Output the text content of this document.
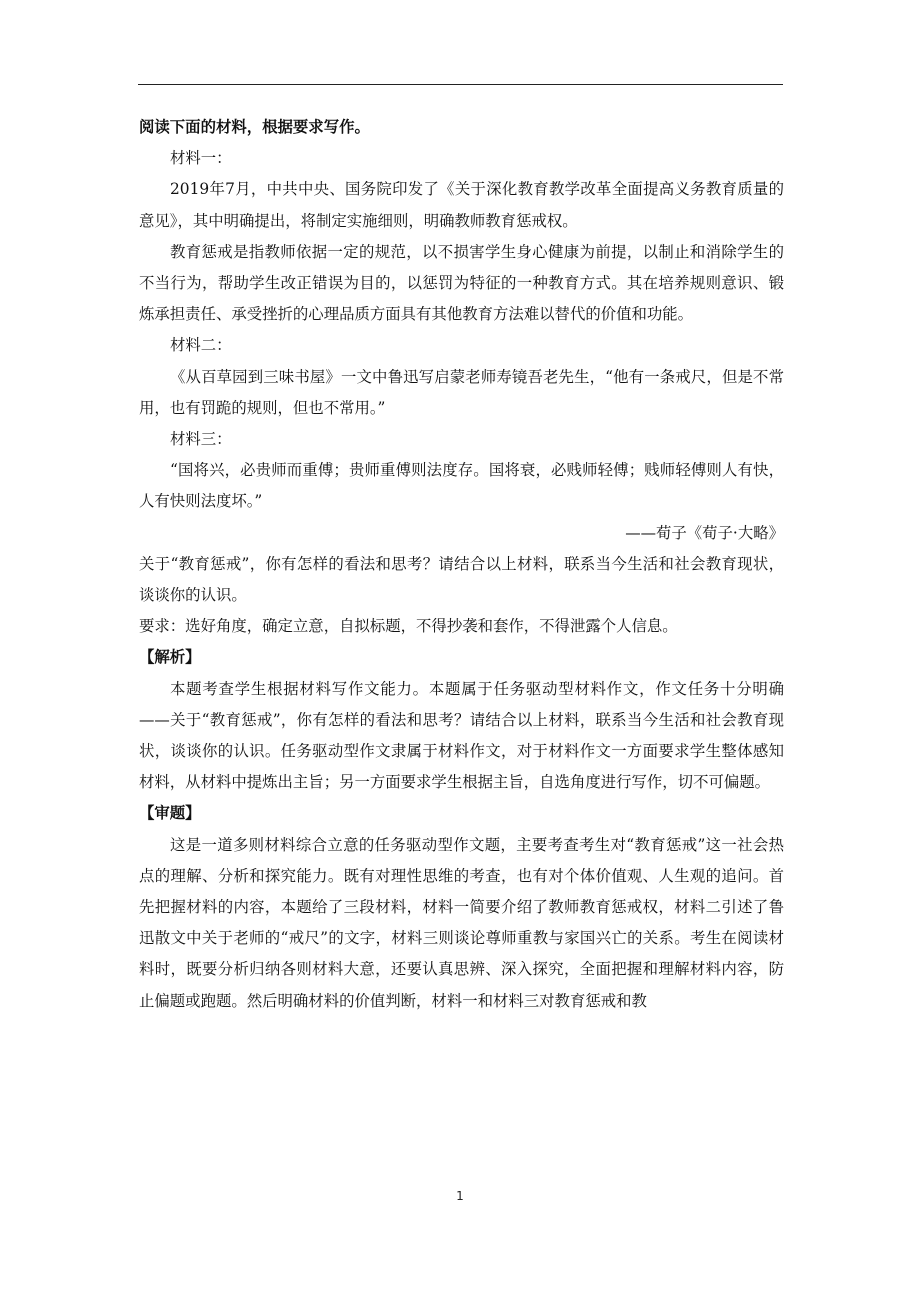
阅读下面的材料，根据要求写作。

材料一：

2019年7月，中共中央、国务院印发了《关于深化教育教学改革全面提高义务教育质量的意见》，其中明确提出，将制定实施细则，明确教师教育惩戒权。

教育惩戒是指教师依据一定的规范，以不损害学生身心健康为前提，以制止和消除学生的不当行为，帮助学生改正错误为目的，以惩罚为特征的一种教育方式。其在培养规则意识、锻炼承担责任、承受挫折的心理品质方面具有其他教育方法难以替代的价值和功能。

材料二：

《从百草园到三味书屋》一文中鲁迅写启蒙老师寿镜吾老先生，“他有一条戒尺，但是不常用，也有罚跪的规则，但也不常用。”

材料三：

“国将兴，必贵师而重傅；贵师重傅则法度存。国将衰，必贱师轻傅；贱师轻傅则人有快，人有快则法度坏。”

——荀子《荀子·大略》

关于“教育惩戒”，你有怎样的看法和思考？请结合以上材料，联系当今生活和社会教育现状，谈谈你的认识。

要求：选好角度，确定立意，自拟标题，不得抄袭和套作，不得泄露个人信息。

【解析】

本题考查学生根据材料写作文能力。本题属于任务驱动型材料作文，作文任务十分明确——关于“教育惩戒”，你有怎样的看法和思考？请结合以上材料，联系当今生活和社会教育现状，谈谈你的认识。任务驱动型作文隶属于材料作文，对于材料作文一方面要求学生整体感知材料，从材料中提炼出主旨；另一方面要求学生根据主旨，自选角度进行写作，切不可偏题。

【审题】

这是一道多则材料综合立意的任务驱动型作文题，主要考查考生对“教育惩戒”这一社会热点的理解、分析和探究能力。既有对理性思维的考查，也有对个体价值观、人生观的追问。首先把握材料的内容，本题给了三段材料，材料一简要介绍了教师教育惩戒权，材料二引述了鲁迅散文中关于老师的“戒尺”的文字，材料三则谈论尊师重教与家国兴亡的关系。考生在阅读材料时，既要分析归纳各则材料大意，还要认真思辨、深入探究，全面把握和理解材料内容，防止偏题或跑题。然后明确材料的价值判断，材料一和材料三对教育惩戒和教

1
